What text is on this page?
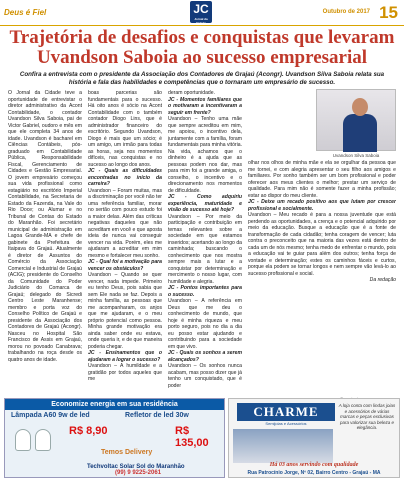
Deus é Fiel	JC
Jornal da Cidade
Outubro de 2017 15
Trajetória de desafios e conquistas que levaram Uvandson Saboia ao sucesso empresarial

Confira a entrevista com o presidente da Associação dos Contadores de Grajaú (Acongr). Uvandson Silva Saboia relata sua história e fala das habilidades e competências que o tornaram um empresário de sucesso.

O Jornal da Cidade teve a oportunidade de entrevistar o diretor administrativo da Acont Contabilidade, o contador Uvandson Silva Saboia, pai de Victor Gabriel, oudoro e mês em que ele completa 34 anos de idade. Uvandson é bacharel em Ciências Contábeis, pós-graduado em Contabilidade Pública, Responsabilidade Fiscal, Gerenciamento de Cidades e Gestão Empresarial. O jovem empresário começou sua vida profissional como estagiário no escritório Imperial Contabilidade, na Secretaria de Estado da Fazenda, na Vale do Rio Doce; ou Alumar e no Tribunal de Contas do Estado do Maranhão. Foi secretário municipal de administração em Lagoa Grande-MA e chefe de gabinete da Prefeitura de Itaipava do Grajaú. Atualmente é diretor de Assuntos do Comércio da Associação Comercial e Industrial de Grajaú (ACIG); presidente do Conselho da Comunidade do Poder Judiciário do Comarca de Grajaú; delegado do Sicredi Centro Leste Maranhense; membro e porta voz do Conselho Político de Grajaú e presidente da Associação dos Contadores de Grajaú (Acongr). Nasceu no Hospital São Francisco de Assis em Grajaú, morou no povoado Canabrava; trabalhando na roça desde os quatro anos de idade.

boas parcerias são fundamentais para o sucesso. Há oito anos é sócio na Acont Contabilidade com o também contador Diogo Lins, que é administrador financeiro do escritório. Segundo Uvandson, Diogo é mais que um sócio; é um amigo, um irmão para todas as horas, seja nos momentos difíceis, nas conquistas e no sucesso ao longo dos anos.

JC - Quais as dificuldades encontradas no início da carreira?

Uvandson – Foram muitas, mas a discriminação por você não ter uma referência familiar, morar no sertão com pouco estudo foi a maior delas. Além das críticas negativas daqueles que não acreditam em você e que aposta ideia de nunca vai conseguir vencer na vida. Porém, eles me ajudaram a acreditar em mim mesmo e fortalecer meu sonho.

JC - Qual foi a motivação para vencer os obstáculos?

Uvandson – Quando se quer vencer, nada impede. Primeiro eu tenho Deus, pois sabia que sem Ele nada se faz. Depois a minha família, as pessoas que me acompanharam, os anjos que me ajudaram, e o meu próprio potencial como pessoa. Minha grande motivação era ainda saber onde eu estava, onde queria ir, e de que maneira poderia chegar.

JC - Ensinamentos que o ajudaram a lograr o sucesso?

Uvandson – A humildade e a gratidão por todos aqueles que me

deram oportunidade.

JC - Momentos familiares que o motivaram a incentivaram a seguir em frente?

Uvandson – Tenho uma mãe que sempre acreditou em mim, me apoiou, o incentivo dela, juntamente com a família, foram fundamentais para minha vitória. Na vida, achamos que o dinheiro é a ajuda que as pessoas podem nos dar, mas para mim foi a grande amiga, o conselho, o incentivo e o direcionamento nos momentos de dificuldade.

JC - Como adquiriu experiência, maturidade e visão de sucesso até hoje?

Uvandson – Por meio da participação e contribuição em temas relevantes sobre a sociedade em que estamos inseridos; acertando ao longo da caminhada; buscando o conhecimento que nos mostra sempre mais a lutar e a conquistar por determinação e mercimento o nosso lugar, com humildade e alegria.

JC - Pontos importantes para o sucesso.

Uvandson – A referência em Deus que me deu o conhecimento de mundo, que hoje é minha riqueza e meu porto seguro, pois no dia a dia eu posso estar ajudando e contribuindo para a sociedade em que vivo.

JC - Quais os sonhos a serem alcançados?

Uvandson – Os sonhos nunca acabam, mas posso dizer que já tenho um conquistado, que é poder

Uvandson Silva Saboia

olhar nos olhos de minha mãe e ela se orgulhar da pessoa que me tornei, e com alegria apresentar o seu filho aos amigos e familiares. Por sonho também ser um bom profissional e poder oferecer aos meus clientes o melhor; prestar um serviço de qualidade. Para mim não é somente fazer a minha profissão; estar ao dispor do meu cliente.

JC - Deixe um recado positivo aos que lutam por crescer profissional e socialmente.

Uvandson – Meu recado é para a nossa juventude que está perdendo as oportunidades, a crença e o potencial adquirido por meio da educação. Busque a educação que é a fonte de transformação de cada cidadão; tenha coragem de vencer; luta contra o preconceito que na maioria das vezes está dentro de cada um de nós mesmo; tenha medo de enfrentar o mundo, pois a educação vai te guiar para além dos outros; tenha força de vontade e determinação; estes os caminhos fáceis e curtos, porque ela podem se tornar longos e nem sempre vão levá-lo ao sucesso profissional e social.

Da redação

Economize energia em sua residência
Lâmpada A60 9w de led
R$ 8,90
Refletor de led 30w
R$ 135,00
Temos Delivery
Techvoltac Solar Sol do Maranhão
(99) 9 9225-2061
CHARME
Semijoias e Acessórios
A loja conta com lindas joias e acessórios de várias marcas e peças exclusivas para valorizar sua beleza e elegância.
Há 03 anos servindo com qualidade
Rua Patrocínio Jorge, Nº 02, Bairro Centro - Grajaú - MA
